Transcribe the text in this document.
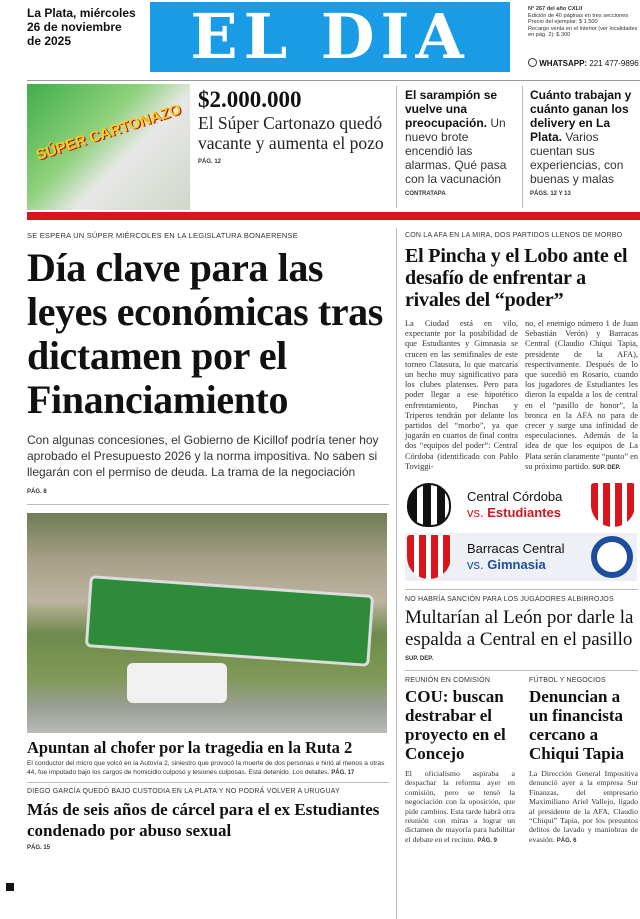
La Plata, miércoles 26 de noviembre de 2025	EL DIA	N° 267 del año CXLII
Edición de 40 páginas en tres secciones
Precio del ejemplar: $ 1.500
Recargo venta en el interior (ver localidades en pág. 2): $ 300
WHATSAPP: 221 477-9896
SÚPER CARTONAZO
$2.000.000
El Súper Cartonazo quedó vacante y aumenta el pozo
PÁG. 12
El sarampión se vuelve una preocupación. Un nuevo brote encendió las alarmas. Qué pasa con la vacunación
CONTRATAPA
Cuánto trabajan y cuánto ganan los delivery en La Plata. Varios cuentan sus experiencias, con buenas y malas
PÁGS. 12 Y 13
SE ESPERA UN SÚPER MIÉRCOLES EN LA LEGISLATURA BONAERENSE
Día clave para las leyes económicas tras dictamen por el Financiamiento
Con algunas concesiones, el Gobierno de Kicillof podría tener hoy aprobado el Presupuesto 2026 y la norma impositiva. No saben si llegarán con el permiso de deuda. La trama de la negociación
PÁG. 8
Apuntan al chofer por la tragedia en la Ruta 2
El conductor del micro que volcó en la Autovía 2, siniestro que provocó la muerte de dos personas e hirió al menos a otras 44, fue imputado bajo los cargos de homicidio culposo y lesiones culposas. Está detenido. Los detalles. PÁG. 17
DIEGO GARCÍA QUEDÓ BAJO CUSTODIA EN LA PLATA Y NO PODRÁ VOLVER A URUGUAY
Más de seis años de cárcel para el ex Estudiantes condenado por abuso sexual
PÁG. 15
CON LA AFA EN LA MIRA, DOS PARTIDOS LLENOS DE MORBO
El Pincha y el Lobo ante el desafío de enfrentar a rivales del “poder”
La Ciudad está en vilo, expectante por la posibilidad de que Estudiantes y Gimnasia se crucen en las semifinales de este torneo Clausura, lo que marcaría un hecho muy significativo para los clubes platenses. Pero para poder llegar a ese hipotético enfrentamiento, Pinchas y Triperos tendrán por delante los partidos del “morbo”, ya que jugarán en cuartos de final contra dos “equipos del poder”: Central Córdoba (identificado con Pablo Toviggi-
no, el enemigo número 1 de Juan Sebastián Verón) y Barracas Central (Claudio Chiqui Tapia, presidente de la AFA), respectivamente. Después de lo que sucedió en Rosario, cuando los jugadores de Estudiantes les dieron la espalda a los de central en el “pasillo de honor”, la bronca en la AFA no para de crecer y surge una infinidad de especulaciones. Además de la idea de que los equipos de La Plata serán claramente “punto” en su próximo partido. SUP. DEP.
Central Córdoba
vs. Estudiantes
Barracas Central
vs. Gimnasia
NO HABRÍA SANCIÓN PARA LOS JUGADORES ALBIRROJOS
Multarían al León por darle la espalda a Central en el pasillo
SUP. DEP.
REUNIÓN EN COMISIÓN
COU: buscan destrabar el proyecto en el Concejo
El oficialismo aspiraba a despachar la reforma ayer en comisión, pero se tensó la negociación con la oposición, que pide cambios. Esta tarde habrá otra reunión con miras a lograr un dictamen de mayoría para habilitar el debate en el recinto. PÁG. 9
FÚTBOL Y NEGOCIOS
Denuncian a un financista cercano a Chiqui Tapia
La Dirección General Impositiva denunció ayer a la empresa Sur Finanzas, del empresario Maximiliano Ariel Vallejo, ligado al presidente de la AFA, Claudio “Chiqui” Tapia, por los presuntos delitos de lavado y maniobras de evasión. PÁG. 6
